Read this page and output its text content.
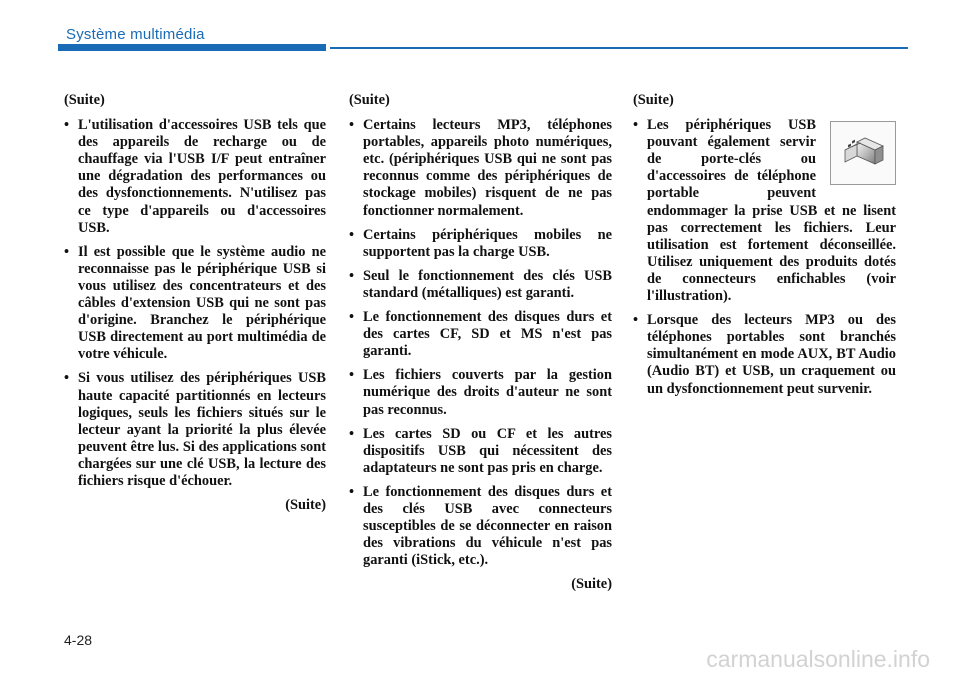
Système multimédia
(Suite)
• L'utilisation d'accessoires USB tels que des appareils de recharge ou de chauffage via l'USB I/F peut entraîner une dégradation des performances ou des dysfonctionnements. N'utilisez pas ce type d'appareils ou d'accessoires USB.
• Il est possible que le système audio ne reconnaisse pas le périphérique USB si vous utilisez des concentrateurs et des câbles d'extension USB qui ne sont pas d'origine. Branchez le périphérique USB directement au port multimédia de votre véhicule.
• Si vous utilisez des périphériques USB haute capacité partitionnés en lecteurs logiques, seuls les fichiers situés sur le lecteur ayant la priorité la plus élevée peuvent être lus. Si des applications sont chargées sur une clé USB, la lecture des fichiers risque d'échouer.
(Suite)
(Suite)
• Certains lecteurs MP3, téléphones portables, appareils photo numériques, etc. (périphériques USB qui ne sont pas reconnus comme des périphériques de stockage mobiles) risquent de ne pas fonctionner normalement.
• Certains périphériques mobiles ne supportent pas la charge USB.
• Seul le fonctionnement des clés USB standard (métalliques) est garanti.
• Le fonctionnement des disques durs et des cartes CF, SD et MS n'est pas garanti.
• Les fichiers couverts par la gestion numérique des droits d'auteur ne sont pas reconnus.
• Les cartes SD ou CF et les autres dispositifs USB qui nécessitent des adaptateurs ne sont pas pris en charge.
• Le fonctionnement des disques durs et des clés USB avec connecteurs susceptibles de se déconnecter en raison des vibrations du véhicule n'est pas garanti (iStick, etc.).
(Suite)
(Suite)
• Les périphériques USB pouvant également servir de porte-clés ou d'accessoires de téléphone portable peuvent endommager la prise USB et ne lisent pas correctement les fichiers. Leur utilisation est fortement déconseillée. Utilisez uniquement des produits dotés de connecteurs enfichables (voir l'illustration).
• Lorsque des lecteurs MP3 ou des téléphones portables sont branchés simultanément en mode AUX, BT Audio (Audio BT) et USB, un craquement ou un dysfonctionnement peut survenir.
4-28
carmanualsonline.info
